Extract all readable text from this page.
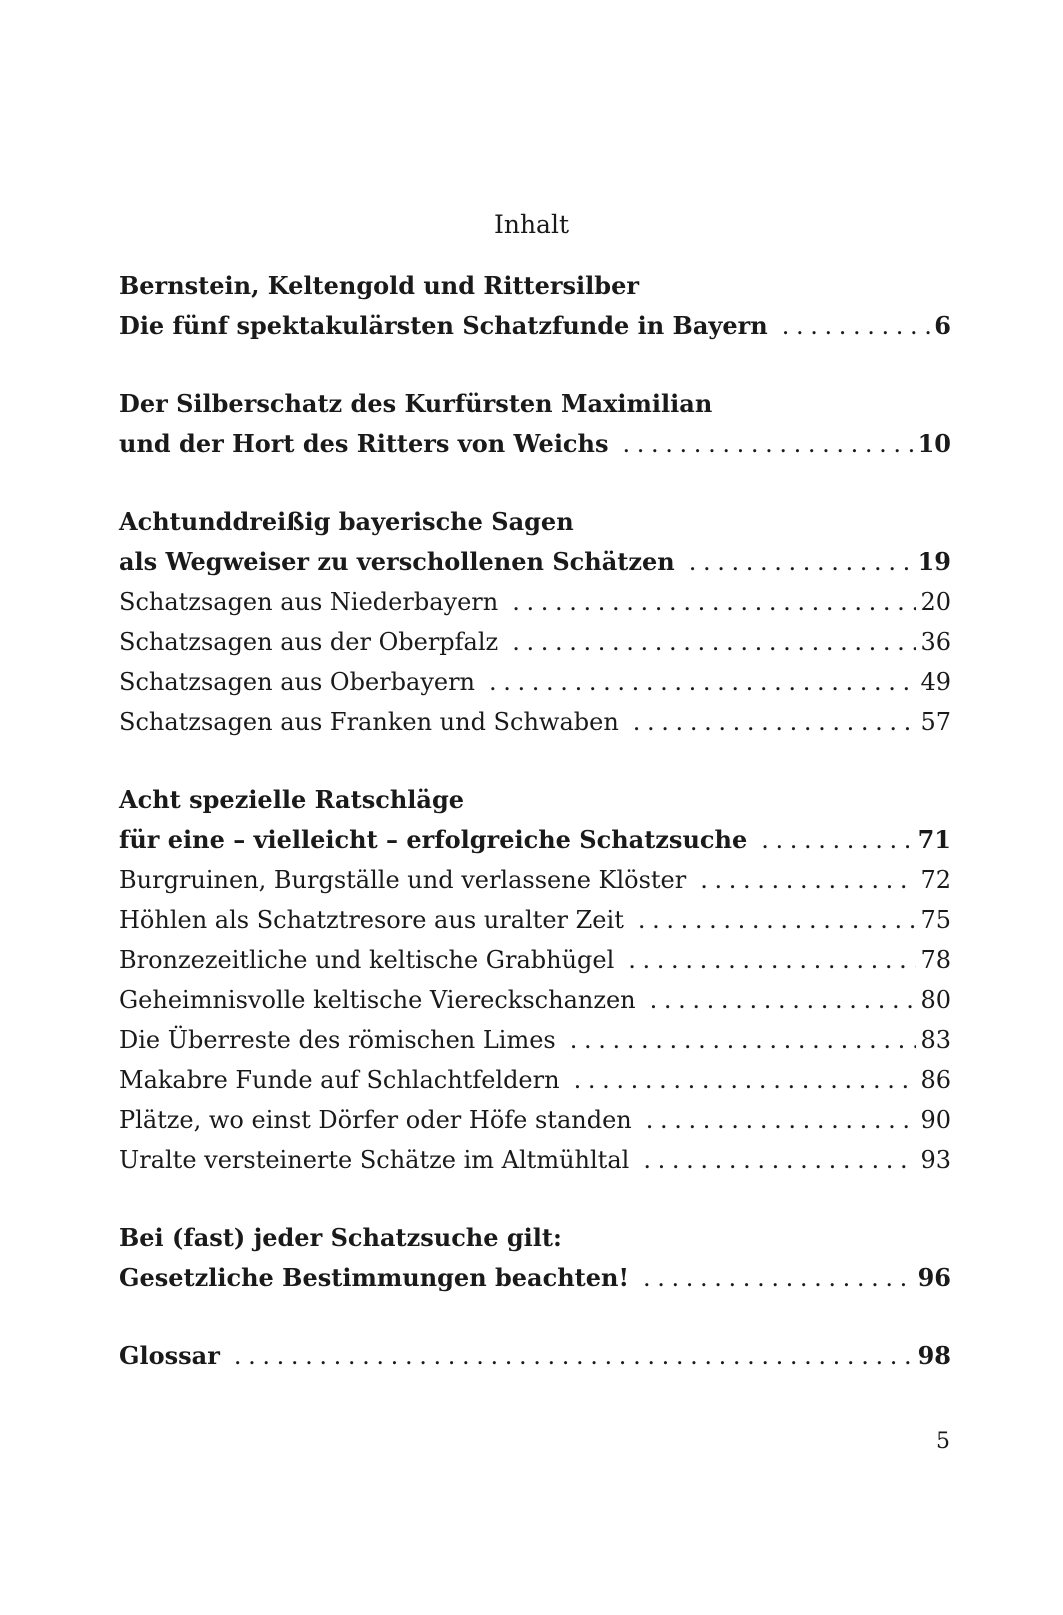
Inhalt
Bernstein, Keltengold und Rittersilber
Die fünf spektakulärsten Schatzfunde in Bayern . . .	6
Der Silberschatz des Kurfürsten Maximilian
und der Hort des Ritters von Weichs . . .	10
Achtunddreißig bayerische Sagen
als Wegweiser zu verschollenen Schätzen . . .	19
Schatzsagen aus Niederbayern . . .	20
Schatzsagen aus der Oberpfalz . . .	36
Schatzsagen aus Oberbayern . . .	49
Schatzsagen aus Franken und Schwaben . . .	57
Acht spezielle Ratschläge
für eine – vielleicht – erfolgreiche Schatzsuche . . .	71
Burgruinen, Burgställe und verlassene Klöster . . .	72
Höhlen als Schatztresore aus uralter Zeit . . .	75
Bronzezeitliche und keltische Grabhügel . . .	78
Geheimnisvolle keltische Viereckschanzen . . .	80
Die Überreste des römischen Limes . . .	83
Makabre Funde auf Schlachtfeldern . . .	86
Plätze, wo einst Dörfer oder Höfe standen . . .	90
Uralte versteinerte Schätze im Altmühltal . . .	93
Bei (fast) jeder Schatzsuche gilt:
Gesetzliche Bestimmungen beachten! . . .	96
Glossar . . .	98
5
